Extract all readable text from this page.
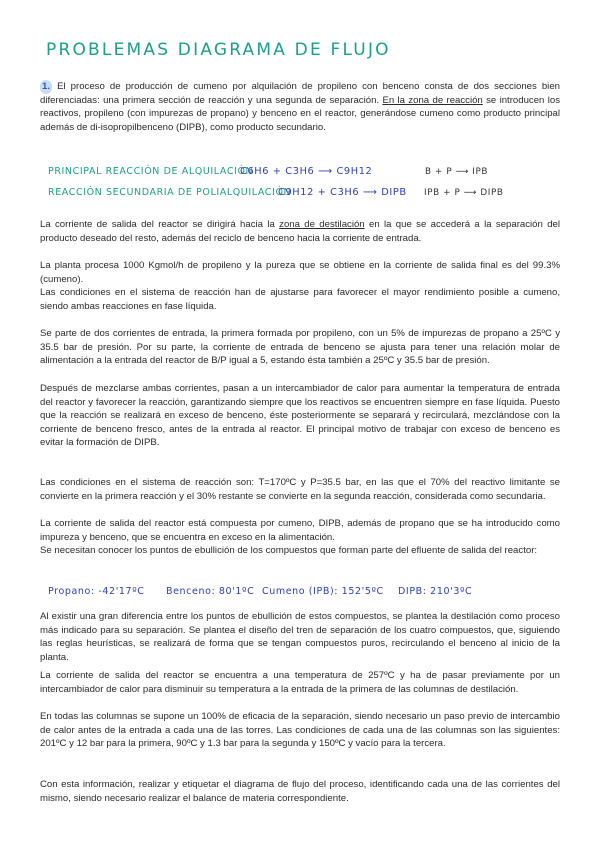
PROBLEMAS DIAGRAMA DE FLUJO

1. El proceso de producción de cumeno por alquilación de propileno con benceno consta de dos secciones bien diferenciadas: una primera sección de reacción y una segunda de separación. En la zona de reacción se introducen los reactivos, propileno (con impurezas de propano) y benceno en el reactor, generándose cumeno como producto principal además de di-isopropilbenceno (DIPB), como producto secundario.

PRINCIPAL REACCIÓN DE ALQUILACIÓN
C6H6 + C3H6 ⟶ C9H12	B + P ⟶ IPB
REACCIÓN SECUNDARIA DE POLIALQUILACIÓN
C9H12 + C3H6 ⟶ DIPB IPB + P ⟶ DIPB

La corriente de salida del reactor se dirigirá hacia la zona de destilación en la que se accederá a la separación del producto deseado del resto, además del reciclo de benceno hacia la corriente de entrada.

La planta procesa 1000 Kgmol/h de propileno y la pureza que se obtiene en la corriente de salida final es del 99.3% (cumeno).

Las condiciones en el sistema de reacción han de ajustarse para favorecer el mayor rendimiento posible a cumeno, siendo ambas reacciones en fase líquida.

Se parte de dos corrientes de entrada, la primera formada por propileno, con un 5% de impurezas de propano a 25ºC y 35.5 bar de presión. Por su parte, la corriente de entrada de benceno se ajusta para tener una relación molar de alimentación a la entrada del reactor de B/P igual a 5, estando ésta también a 25ºC y 35.5 bar de presión.

Después de mezclarse ambas corrientes, pasan a un intercambiador de calor para aumentar la temperatura de entrada del reactor y favorecer la reacción, garantizando siempre que los reactivos se encuentren siempre en fase líquida. Puesto que la reacción se realizará en exceso de benceno, éste posteriormente se separará y recirculará, mezclándose con la corriente de benceno fresco, antes de la entrada al reactor. El principal motivo de trabajar con exceso de benceno es evitar la formación de DIPB.

Las condiciones en el sistema de reacción son: T=170ºC y P=35.5 bar, en las que el 70% del reactivo limitante se convierte en la primera reacción y el 30% restante se convierte en la segunda reacción, considerada como secundaria.

La corriente de salida del reactor está compuesta por cumeno, DIPB, además de propano que se ha introducido como impureza y benceno, que se encuentra en exceso en la alimentación.

Se necesitan conocer los puntos de ebullición de los compuestos que forman parte del efluente de salida del reactor:

Propano: -42'17ºC Benceno: 80'1ºC Cumeno (IPB): 152'5ºC DIPB: 210'3ºC

Al existir una gran diferencia entre los puntos de ebullición de estos compuestos, se plantea la destilación como proceso más indicado para su separación. Se plantea el diseño del tren de separación de los cuatro compuestos, que, siguiendo las reglas heurísticas, se realizará de forma que se tengan compuestos puros, recirculando el benceno al inicio de la planta.

La corriente de salida del reactor se encuentra a una temperatura de 257ºC y ha de pasar previamente por un intercambiador de calor para disminuir su temperatura a la entrada de la primera de las columnas de destilación.

En todas las columnas se supone un 100% de eficacia de la separación, siendo necesario un paso previo de intercambio de calor antes de la entrada a cada una de las torres. Las condiciones de cada una de las columnas son las siguientes: 201ºC y 12 bar para la primera, 90ºC y 1.3 bar para la segunda y 150ºC y vacío para la tercera.

Con esta información, realizar y etiquetar el diagrama de flujo del proceso, identificando cada una de las corrientes del mismo, siendo necesario realizar el balance de materia correspondiente.
